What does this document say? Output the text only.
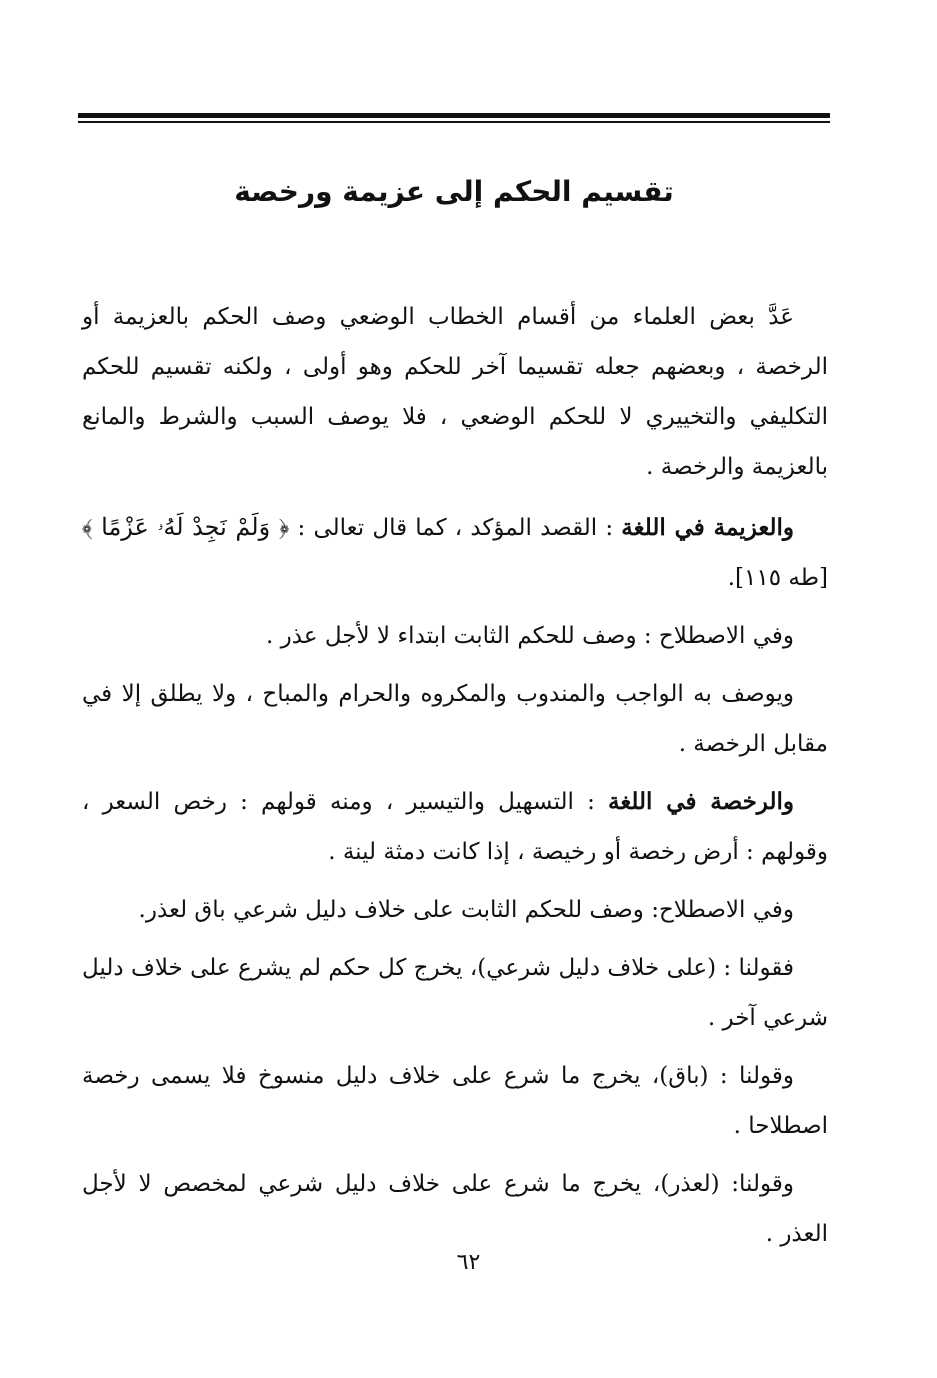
تقسيم الحكم إلى عزيمة ورخصة

عَدَّ بعض العلماء من أقسام الخطاب الوضعي وصف الحكم بالعزيمة أو الرخصة ، وبعضهم جعله تقسيما آخر للحكم وهو أولى ، ولكنه تقسيم للحكم التكليفي والتخييري لا للحكم الوضعي ، فلا يوصف السبب والشرط والمانع بالعزيمة والرخصة .

والعزيمة في اللغة : القصد المؤكد ، كما قال تعالى : ﴿ وَلَمْ نَجِدْ لَهُۥ عَزْمًا ﴾ [طه ١١٥].

وفي الاصطلاح : وصف للحكم الثابت ابتداء لا لأجل عذر .

ويوصف به الواجب والمندوب والمكروه والحرام والمباح ، ولا يطلق إلا في مقابل الرخصة .

والرخصة في اللغة : التسهيل والتيسير ، ومنه قولهم : رخص السعر ، وقولهم : أرض رخصة أو رخيصة ، إذا كانت دمثة لينة .

وفي الاصطلاح: وصف للحكم الثابت على خلاف دليل شرعي باق لعذر.

فقولنا : (على خلاف دليل شرعي)، يخرج كل حكم لم يشرع على خلاف دليل شرعي آخر .

وقولنا : (باق)، يخرج ما شرع على خلاف دليل منسوخ فلا يسمى رخصة اصطلاحا .

وقولنا: (لعذر)، يخرج ما شرع على خلاف دليل شرعي لمخصص لا لأجل العذر .

٦٢
